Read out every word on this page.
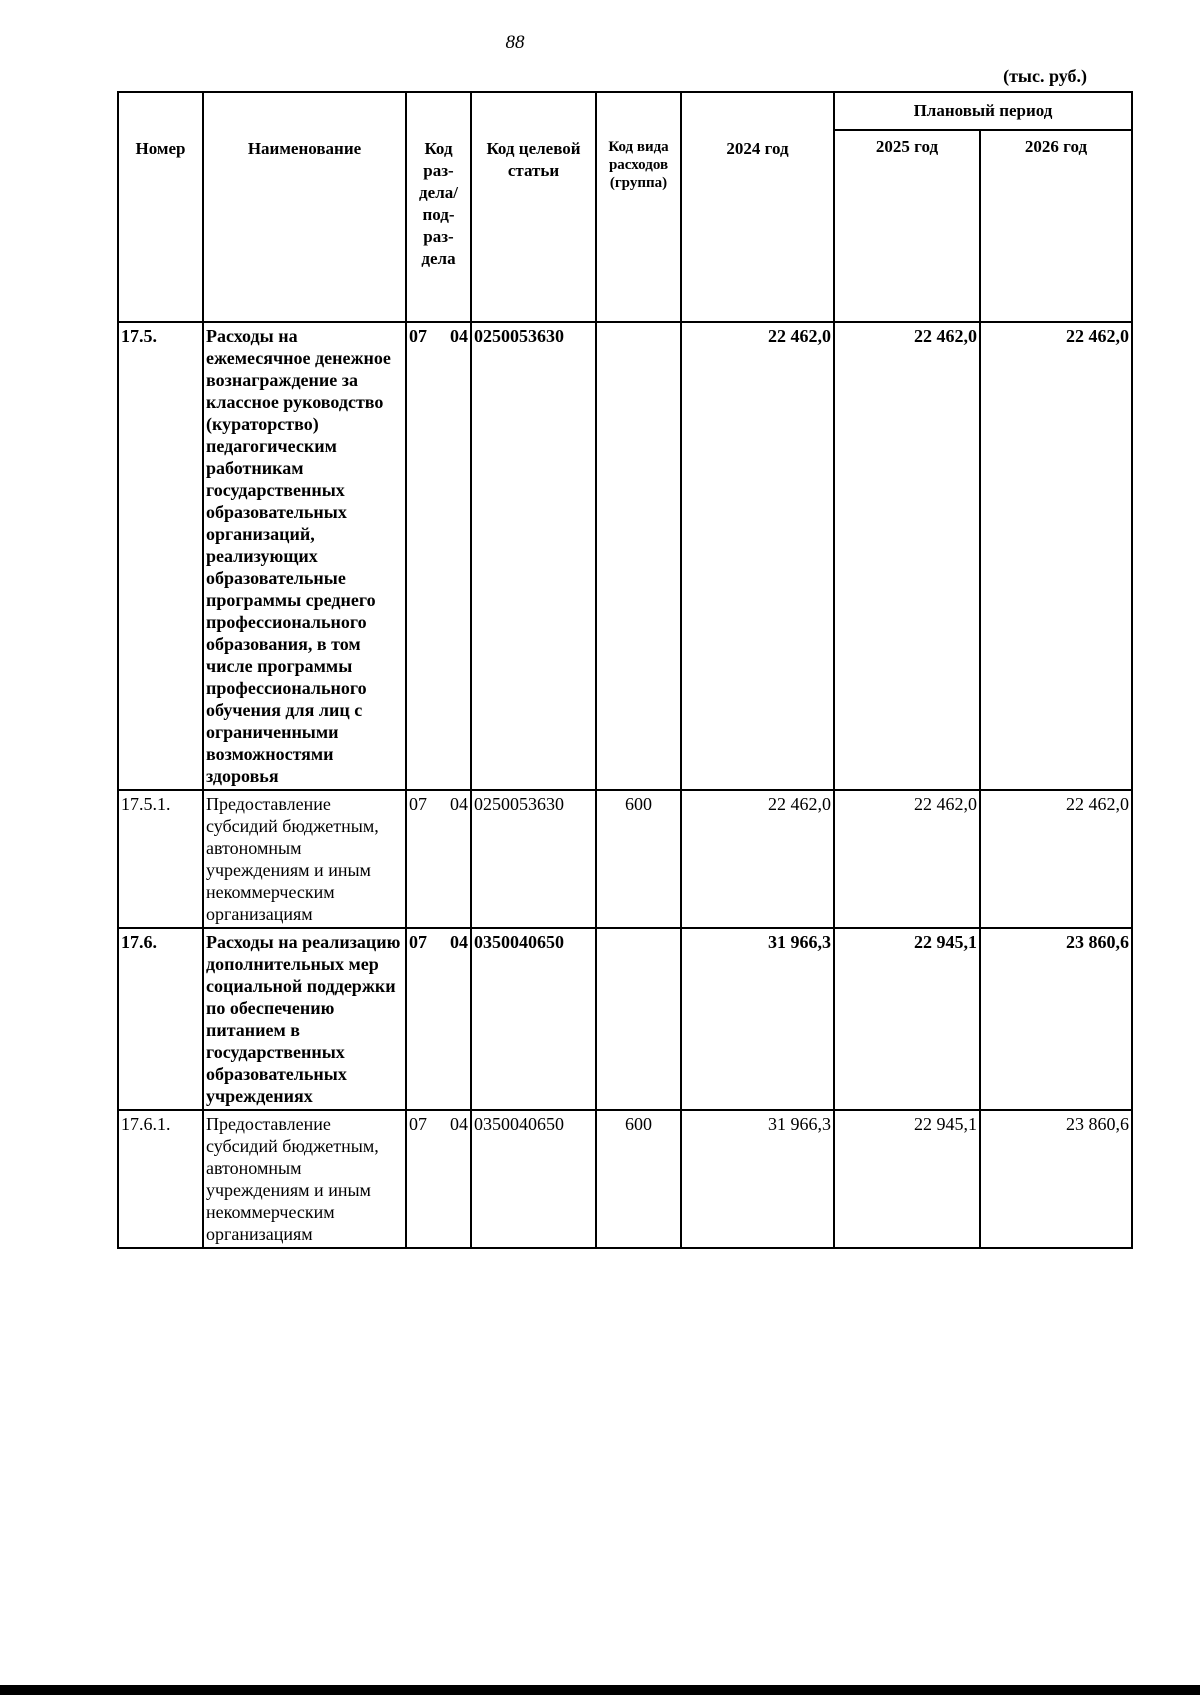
88
(тыс. руб.)
Номер	Наименование	Код раз-дела/ под-раз-дела	Код целевой статьи	Код вида расходов (группа)	2024 год	Плановый период	
						2025 год	2026 год
17.5.	Расходы на ежемесячное денежное вознаграждение за классное руководство (кураторство) педагогическим работникам государственных образовательных организаций, реализующих образовательные программы среднего профессионального образования, в том числе программы профессионального обучения для лиц с ограниченными возможностями здоровья	07 04	0250053630		22 462,0	22 462,0	22 462,0
17.5.1.	Предоставление субсидий бюджетным, автономным учреждениям и иным некоммерческим организациям	07 04	0250053630	600	22 462,0	22 462,0	22 462,0
17.6.	Расходы на реализацию дополнительных мер социальной поддержки по обеспечению питанием в государственных образовательных учреждениях	07 04	0350040650		31 966,3	22 945,1	23 860,6
17.6.1.	Предоставление субсидий бюджетным, автономным учреждениям и иным некоммерческим организациям	07 04	0350040650	600	31 966,3	22 945,1	23 860,6
